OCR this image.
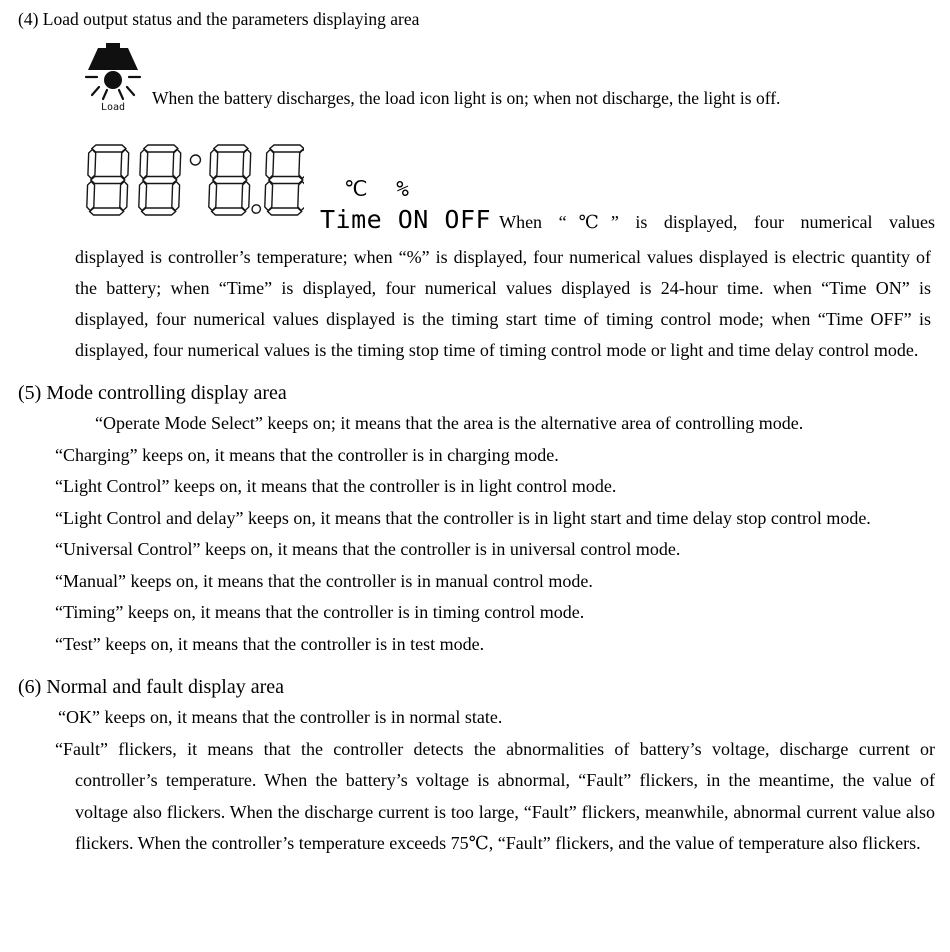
(4) Load output status and the parameters displaying area
Load When the battery discharges, the load icon light is on; when not discharge, the light is off.
℃ %
Time ON OFF When “℃” is displayed, four numerical values
displayed is controller’s temperature; when “%” is displayed, four numerical values displayed is electric quantity of the battery; when “Time” is displayed, four numerical values displayed is 24-hour time. when “Time ON” is displayed, four numerical values displayed is the timing start time of timing control mode; when “Time OFF” is displayed, four numerical values is the timing stop time of timing control mode or light and time delay control mode.
(5) Mode controlling display area
“Operate Mode Select” keeps on; it means that the area is the alternative area of controlling mode.
“Charging” keeps on, it means that the controller is in charging mode.
“Light Control” keeps on, it means that the controller is in light control mode.
“Light Control and delay” keeps on, it means that the controller is in light start and time delay stop control mode.
“Universal Control” keeps on, it means that the controller is in universal control mode.
“Manual” keeps on, it means that the controller is in manual control mode.
“Timing” keeps on, it means that the controller is in timing control mode.
“Test” keeps on, it means that the controller is in test mode.
(6) Normal and fault display area
“OK” keeps on, it means that the controller is in normal state.
“Fault” flickers, it means that the controller detects the abnormalities of battery’s voltage, discharge current or controller’s temperature. When the battery’s voltage is abnormal, “Fault” flickers, in the meantime, the value of voltage also flickers. When the discharge current is too large, “Fault” flickers, meanwhile, abnormal current value also flickers. When the controller’s temperature exceeds 75℃, “Fault” flickers, and the value of temperature also flickers.
